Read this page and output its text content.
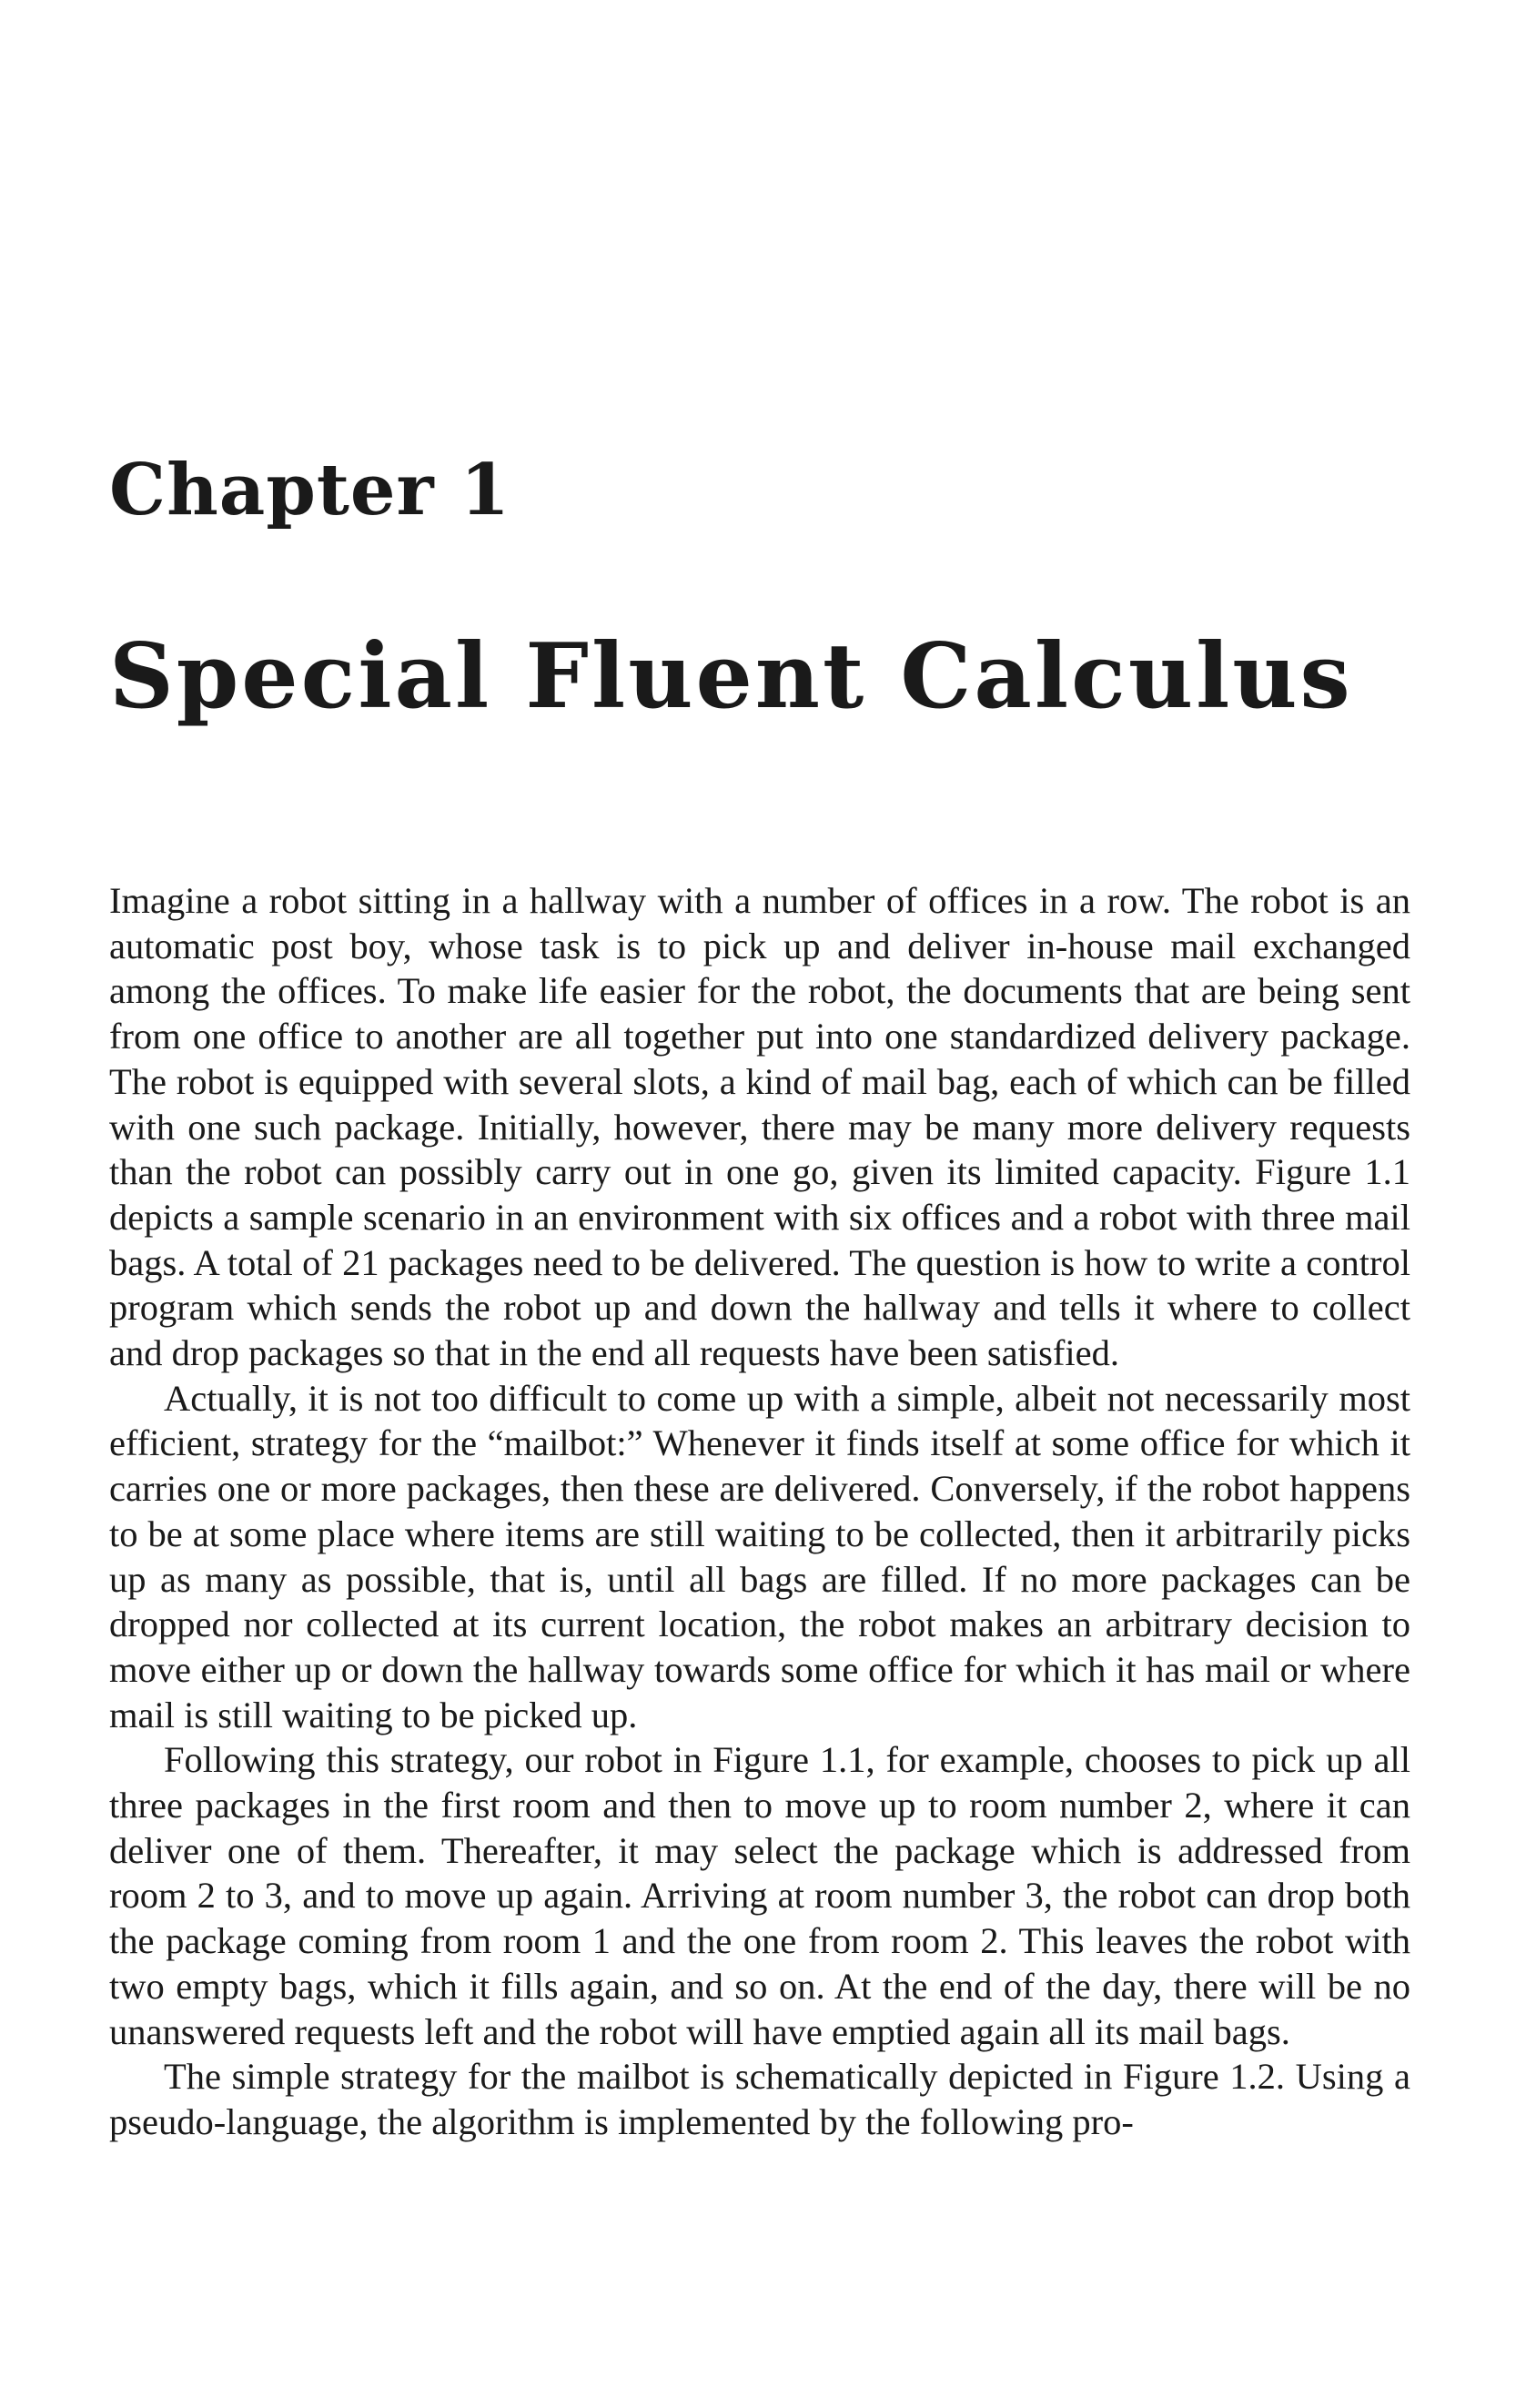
Chapter 1
Special Fluent Calculus

Imagine a robot sitting in a hallway with a number of offices in a row. The robot is an automatic post boy, whose task is to pick up and deliver in-house mail exchanged among the offices. To make life easier for the robot, the documents that are being sent from one office to another are all together put into one standardized delivery package. The robot is equipped with several slots, a kind of mail bag, each of which can be filled with one such package. Initially, however, there may be many more delivery requests than the robot can possibly carry out in one go, given its limited capacity. Figure 1.1 depicts a sample scenario in an environment with six offices and a robot with three mail bags. A total of 21 packages need to be delivered. The question is how to write a control program which sends the robot up and down the hallway and tells it where to collect and drop packages so that in the end all requests have been satisfied.

Actually, it is not too difficult to come up with a simple, albeit not necessarily most efficient, strategy for the “mailbot:” Whenever it finds itself at some office for which it carries one or more packages, then these are delivered. Conversely, if the robot happens to be at some place where items are still waiting to be collected, then it arbitrarily picks up as many as possible, that is, until all bags are filled. If no more packages can be dropped nor collected at its current location, the robot makes an arbitrary decision to move either up or down the hallway towards some office for which it has mail or where mail is still waiting to be picked up.

Following this strategy, our robot in Figure 1.1, for example, chooses to pick up all three packages in the first room and then to move up to room number 2, where it can deliver one of them. Thereafter, it may select the package which is addressed from room 2 to 3, and to move up again. Arriving at room number 3, the robot can drop both the package coming from room 1 and the one from room 2. This leaves the robot with two empty bags, which it fills again, and so on. At the end of the day, there will be no unanswered requests left and the robot will have emptied again all its mail bags.

The simple strategy for the mailbot is schematically depicted in Figure 1.2. Using a pseudo-language, the algorithm is implemented by the following pro-
